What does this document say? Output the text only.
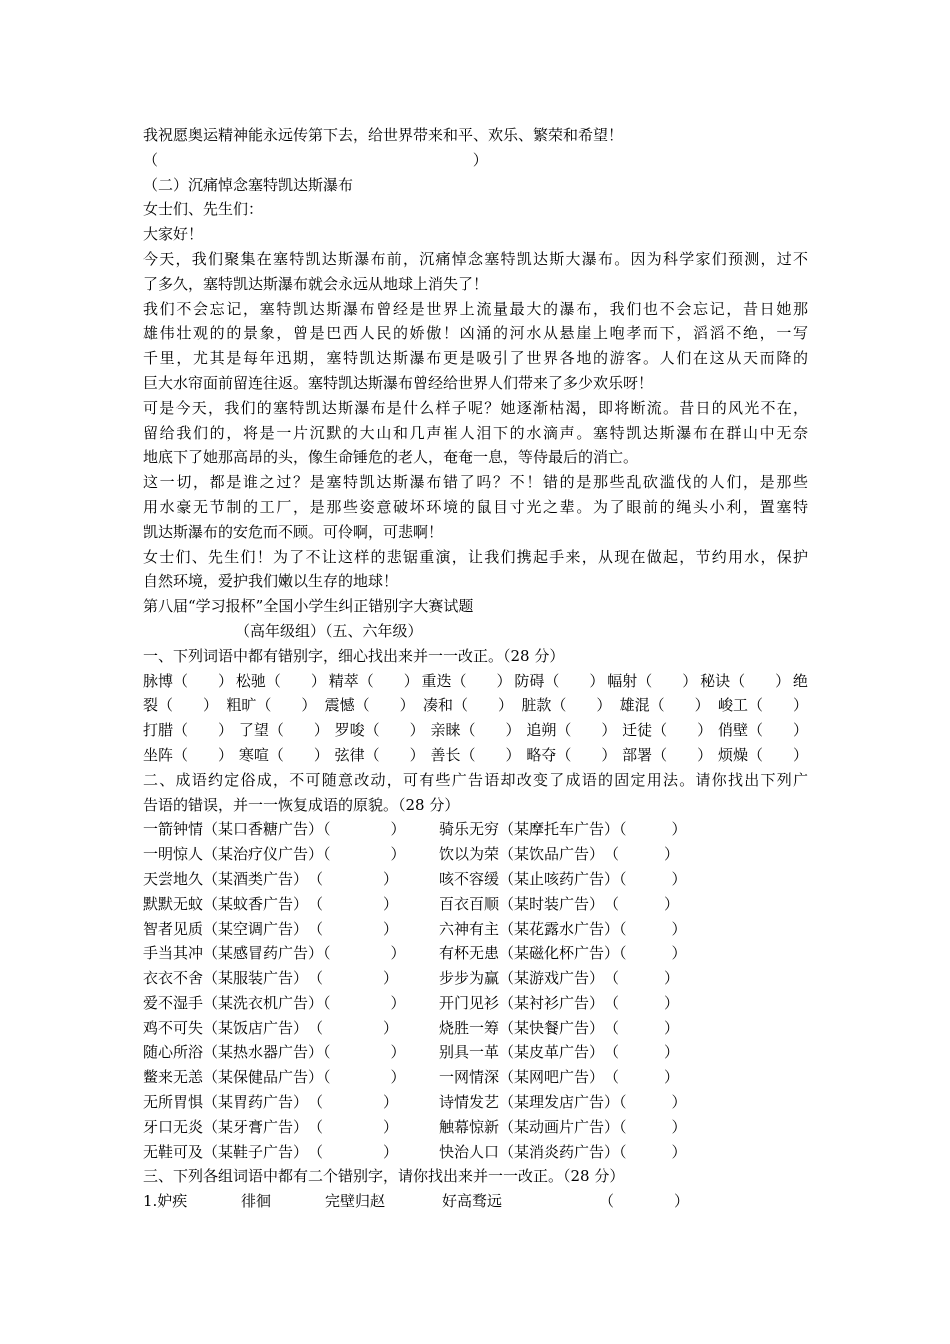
我祝愿奥运精神能永远传第下去，给世界带来和平、欢乐、繁荣和希望！
（                                                                  ）
（二）沉痛悼念塞特凯达斯瀑布
女士们、先生们：
大家好！
今天，我们聚集在塞特凯达斯瀑布前，沉痛悼念塞特凯达斯大瀑布。因为科学家们预测，过不
了多久，塞特凯达斯瀑布就会永远从地球上消失了！
我们不会忘记，塞特凯达斯瀑布曾经是世界上流量最大的瀑布，我们也不会忘记，昔日她那
雄伟壮观的的景象，曾是巴西人民的娇傲！凶涌的河水从悬崖上咆孝而下，滔滔不绝，一写
千里，尤其是每年迅期，塞特凯达斯瀑布更是吸引了世界各地的游客。人们在这从天而降的
巨大水帘面前留连往返。塞特凯达斯瀑布曾经给世界人们带来了多少欢乐呀！
可是今天，我们的塞特凯达斯瀑布是什么样子呢？她逐渐枯渴，即将断流。昔日的风光不在，
留给我们的，将是一片沉默的大山和几声崔人泪下的水滴声。塞特凯达斯瀑布在群山中无奈
地底下了她那高昂的头，像生命锤危的老人，奄奄一息，等侍最后的消亡。
这一切，都是谁之过？是塞特凯达斯瀑布错了吗？不！错的是那些乱砍滥伐的人们，是那些
用水豪无节制的工厂，是那些姿意破坏环境的鼠目寸光之辈。为了眼前的绳头小利，置塞特
凯达斯瀑布的安危而不顾。可伶啊，可悲啊！
女士们、先生们！为了不让这样的悲锯重演，让我们携起手来，从现在做起，节约用水，保护
自然环境，爱护我们嫩以生存的地球！
第八届“学习报杯”全国小学生纠正错别字大赛试题
（高年级组）（五、六年级）
一、下列词语中都有错别字，细心找出来并一一改正。（28 分）
脉博（　　） 松驰（　　） 精萃（　　） 重迭（　　） 防碍（　　） 幅射（　　） 秘诀（　　） 绝
裂（　　） 粗旷（　　） 震憾（　　） 凑和（　　） 脏款（　　） 雄混（　　） 峻工（　　）
打腊（　　） 了望（　　） 罗唆（　　） 亲睐（　　） 追朔（　　） 迁徒（　　） 俏壁（　　）
坐阵（　　） 寒喧（　　） 弦律（　　） 善长（　　） 略夺（　　） 部署（　　） 烦燥（　　）
二、成语约定俗成，不可随意改动，可有些广告语却改变了成语的固定用法。请你找出下列广
告语的错误，并一一恢复成语的原貌。（28 分）
一箭钟情（某口香糖广告）（　　　　）	骑乐无穷（某摩托车广告）（　　　）
一明惊人（某治疗仪广告）（　　　　）	饮以为荣（某饮品广告）　（　　　）
天尝地久（某酒类广告）　（　　　　）	咳不容缓（某止咳药广告）（　　　）
默默无蚊（某蚊香广告）　（　　　　）	百衣百顺（某时装广告）　（　　　）
智者见质（某空调广告）　（　　　　）	六神有主（某花露水广告）（　　　）
手当其冲（某感冒药广告）（　　　　）	有杯无患（某磁化杯广告）（　　　）
衣衣不舍（某服装广告）　（　　　　）	步步为赢（某游戏广告）　（　　　）
爱不湿手（某洗衣机广告）（　　　　）	开门见衫（某衬衫广告）　（　　　）
鸡不可失（某饭店广告）　（　　　　）	烧胜一筹（某快餐广告）　（　　　）
随心所浴（某热水器广告）（　　　　）	别具一革（某皮革广告）　（　　　）
鳖来无恙（某保健品广告）（　　　　）	一网情深（某网吧广告）　（　　　）
无所胃惧（某胃药广告）　（　　　　）	诗情发艺（某理发店广告）（　　　）
牙口无炎（某牙膏广告）　（　　　　）	触幕惊新（某动画片广告）（　　　）
无鞋可及（某鞋子广告）　（　　　　）	快治人口（某消炎药广告）（　　　）
三、下列各组词语中都有二个错别字，请你找出来并一一改正。（28 分）
1.妒疾	徘徊	完壁归赵	好高骛远	（　　　　）
